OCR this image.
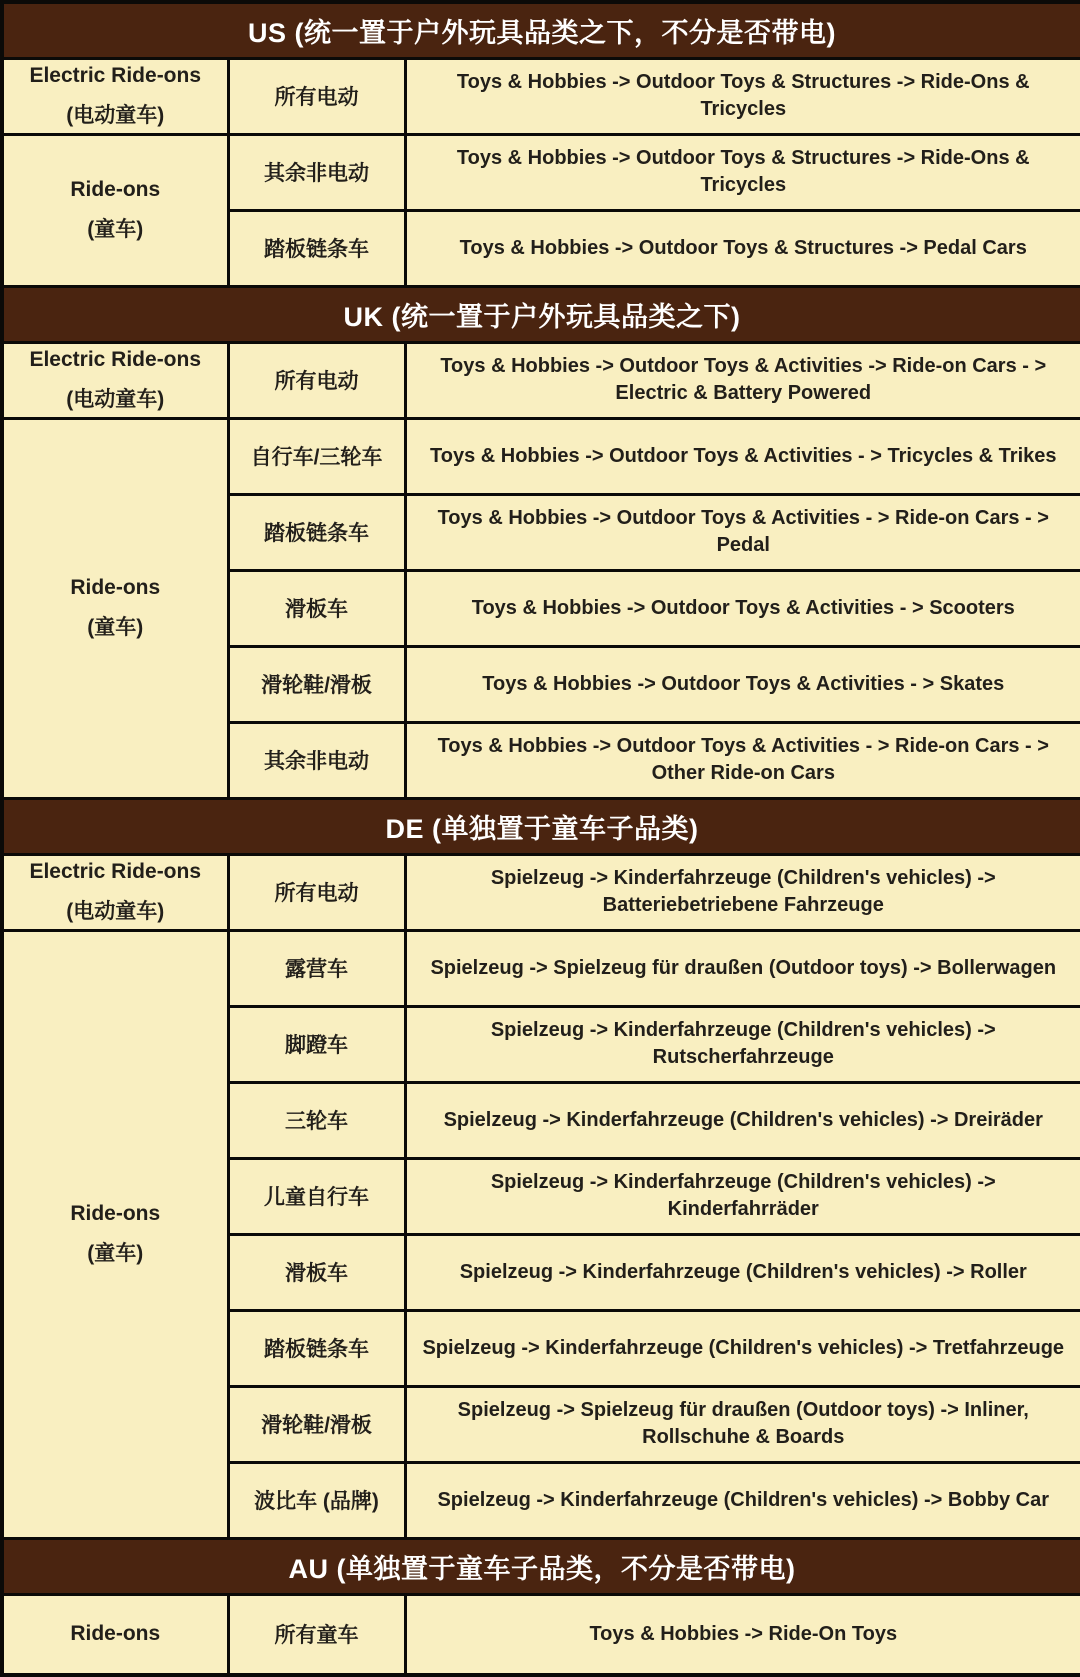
US (统一置于户外玩具品类之下，不分是否带电)		

Electric Ride-ons
(电动童车)	所有电动	Toys & Hobbies -> Outdoor Toys & Structures -> Ride-Ons & Tricycles

Ride-ons
(童车)	其余非电动	Toys & Hobbies -> Outdoor Toys & Structures -> Ride-Ons & Tricycles
	踏板链条车	Toys & Hobbies -> Outdoor Toys & Structures -> Pedal Cars
UK (统一置于户外玩具品类之下)		

Electric Ride-ons
(电动童车)	所有电动	Toys & Hobbies -> Outdoor Toys & Activities -> Ride-on Cars - > Electric & Battery Powered

Ride-ons
(童车)	自行车/三轮车	Toys & Hobbies -> Outdoor Toys & Activities - > Tricycles & Trikes
	踏板链条车	Toys & Hobbies -> Outdoor Toys & Activities - > Ride-on Cars - > Pedal
	滑板车	Toys & Hobbies -> Outdoor Toys & Activities - > Scooters
	滑轮鞋/滑板	Toys & Hobbies -> Outdoor Toys & Activities - > Skates
	其余非电动	Toys & Hobbies -> Outdoor Toys & Activities - > Ride-on Cars - > Other Ride-on Cars
DE (单独置于童车子品类)		

Electric Ride-ons
(电动童车)	所有电动	Spielzeug -> Kinderfahrzeuge (Children's vehicles) -> Batteriebetriebene Fahrzeuge

Ride-ons
(童车)	露营车	Spielzeug -> Spielzeug für draußen (Outdoor toys) -> Bollerwagen
	脚蹬车	Spielzeug -> Kinderfahrzeuge (Children's vehicles) -> Rutscherfahrzeuge
	三轮车	Spielzeug -> Kinderfahrzeuge (Children's vehicles) -> Dreiräder
	儿童自行车	Spielzeug -> Kinderfahrzeuge (Children's vehicles) -> Kinderfahrräder
	滑板车	Spielzeug -> Kinderfahrzeuge (Children's vehicles) -> Roller
	踏板链条车	Spielzeug -> Kinderfahrzeuge (Children's vehicles) -> Tretfahrzeuge
	滑轮鞋/滑板	Spielzeug -> Spielzeug für draußen (Outdoor toys) -> Inliner, Rollschuhe & Boards
	波比车 (品牌)	Spielzeug -> Kinderfahrzeuge (Children's vehicles) -> Bobby Car
AU (单独置于童车子品类，不分是否带电)		

Ride-ons	所有童车	Toys & Hobbies -> Ride-On Toys
